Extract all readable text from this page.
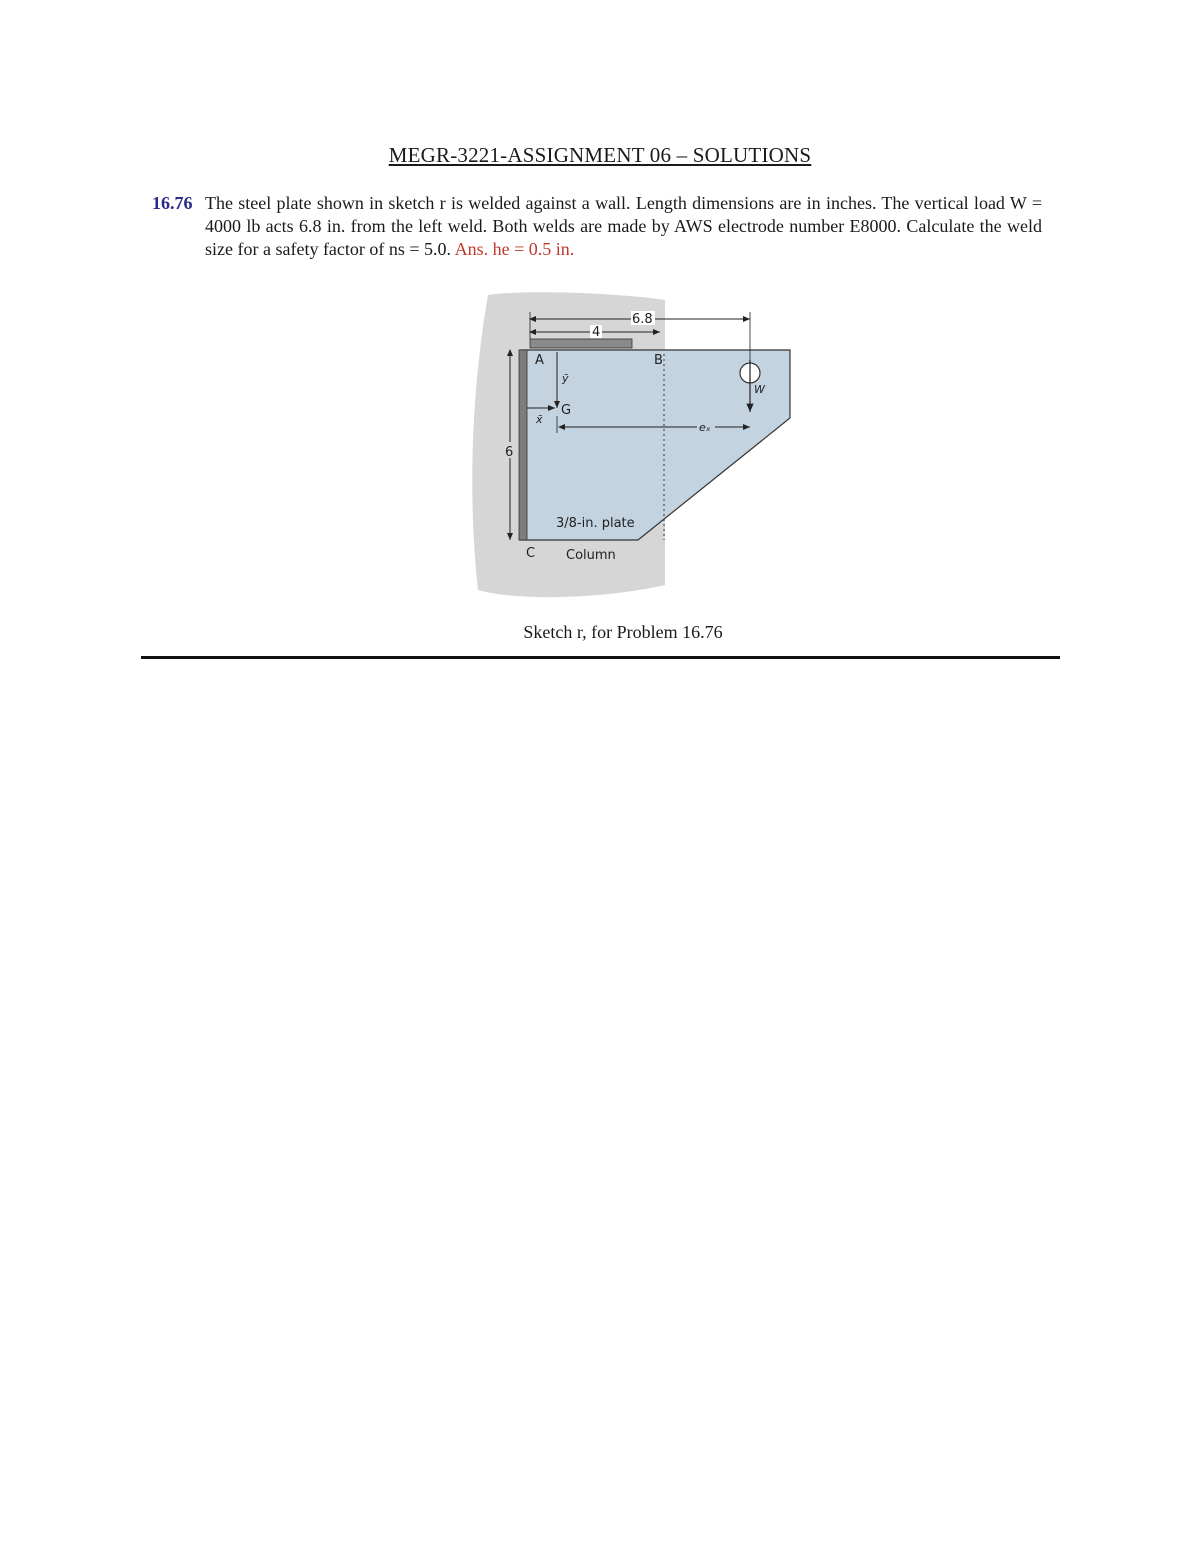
MEGR-3221-ASSIGNMENT 06 – SOLUTIONS
16.76 The steel plate shown in sketch r is welded against a wall. Length dimensions are in inches. The vertical load W = 4000 lb acts 6.8 in. from the left weld. Both welds are made by AWS electrode number E8000. Calculate the weld size for a safety factor of ns = 5.0. Ans. he = 0.5 in.
6.8
4
6
A	B
C
ȳ
x̄
G
eₓ
W
3/8-in. plate
Column
Sketch r, for Problem 16.76
